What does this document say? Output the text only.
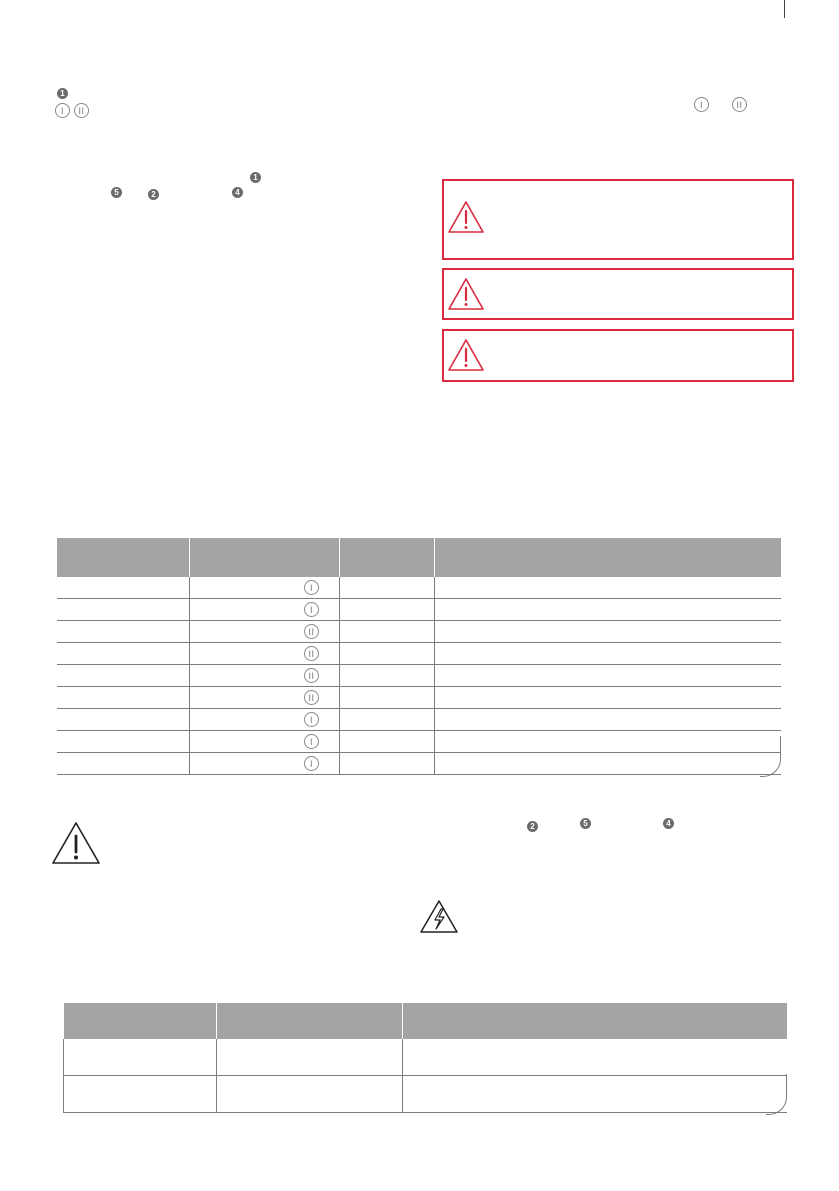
1
I	II
I	II
1
5	2	4

	I		

	I		

	II		

	II		

	II		

	II		

	I		

	I		

	I		

2	5	4
